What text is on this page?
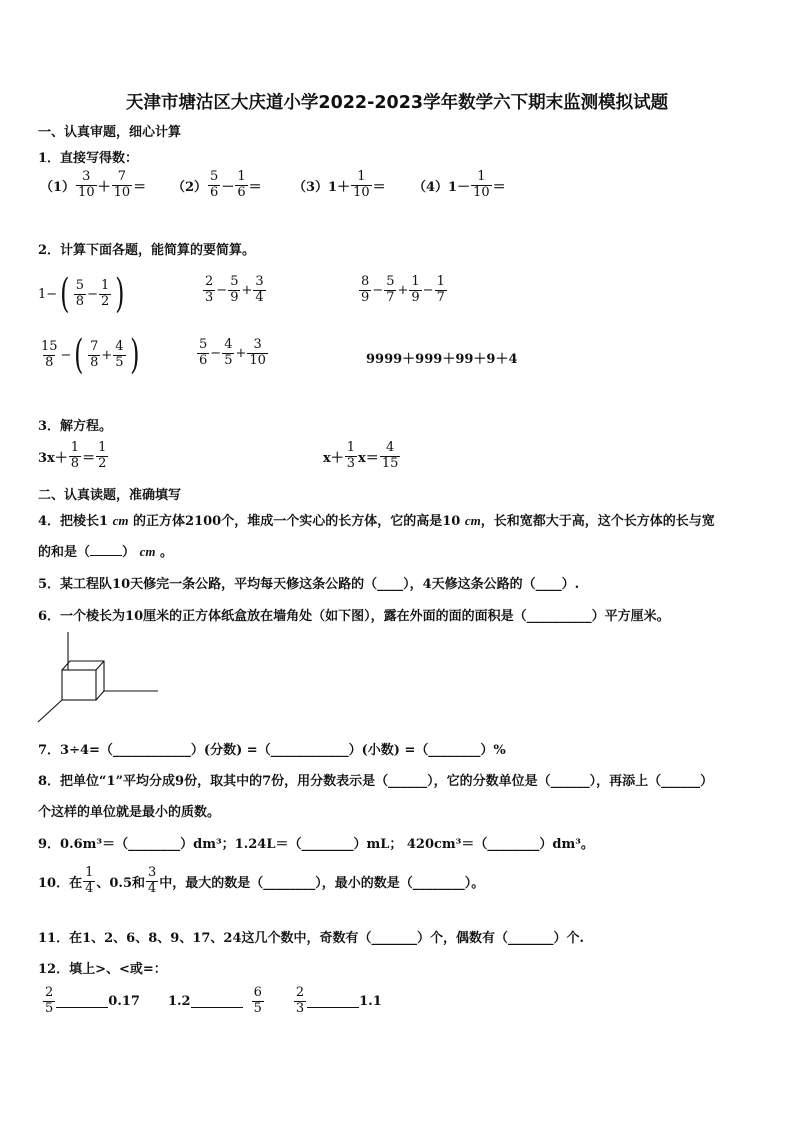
天津市塘沽区大庆道小学2022-2023学年数学六下期末监测模拟试题
一、认真审题，细心计算
1．直接写得数：
$(1) \frac{3}{10} + \frac{7}{10} = (2) \frac{5}{6} - \frac{1}{6} = (3)1+ \frac{1}{10} = (4)1- \frac{1}{10}$ ＝
2．计算下面各题，能简算的要简算。
1− ( $\frac{5}{8} - \frac{1}{2}$ )	$\frac{2}{3} - \frac{5}{9} + \frac{3}{4}$	$\frac{8}{9} - \frac{5}{7} + \frac{1}{9} - \frac{1}{7}$
$\frac{15}{8}$ − ( $\frac{7}{8} + \frac{4}{5}$ )	$\frac{5}{6} - \frac{4}{5} + \frac{3}{10}$	9999＋999＋99＋9＋4
3．解方程。
$3x+ \frac{1}{8} = \frac{1}{2}$	$x+ \frac{1}{3} x= \frac{4}{15}$
二、认真读题，准确填写
4．把棱长1 cm 的正方体2100个，堆成一个实心的长方体，它的高是10 cm，长和宽都大于高，这个长方体的长与宽
的和是（ ） cm 。
5．某工程队10天修完一条公路，平均每天修这条公路的（____），4天修这条公路的（____）.
6．一个棱长为10厘米的正方体纸盒放在墙角处（如下图），露在外面的面的面积是（__________）平方厘米。
7．3÷4=（____________）(分数) =（____________）(小数) =（________）%
8．把单位“1”平均分成9份，取其中的7份，用分数表示是（______），它的分数单位是（______），再添上（______）
个这样的单位就是最小的质数。
9．0.6m³＝（________）dm³；1.24L＝（________）mL； 420cm³＝（________）dm³。
10．在 $\frac{1}{4}$ 、0.5和 $\frac{3}{4}$ 中，最大的数是（________），最小的数是（________）。
11．在1、2、6、8、9、17、24这几个数中，奇数有（_______）个，偶数有（_______）个.
12．填上>、<或=：
$\frac{2}{5}$	0.17 1.2	$\frac{6}{5} \frac{2}{3}$	1.1
